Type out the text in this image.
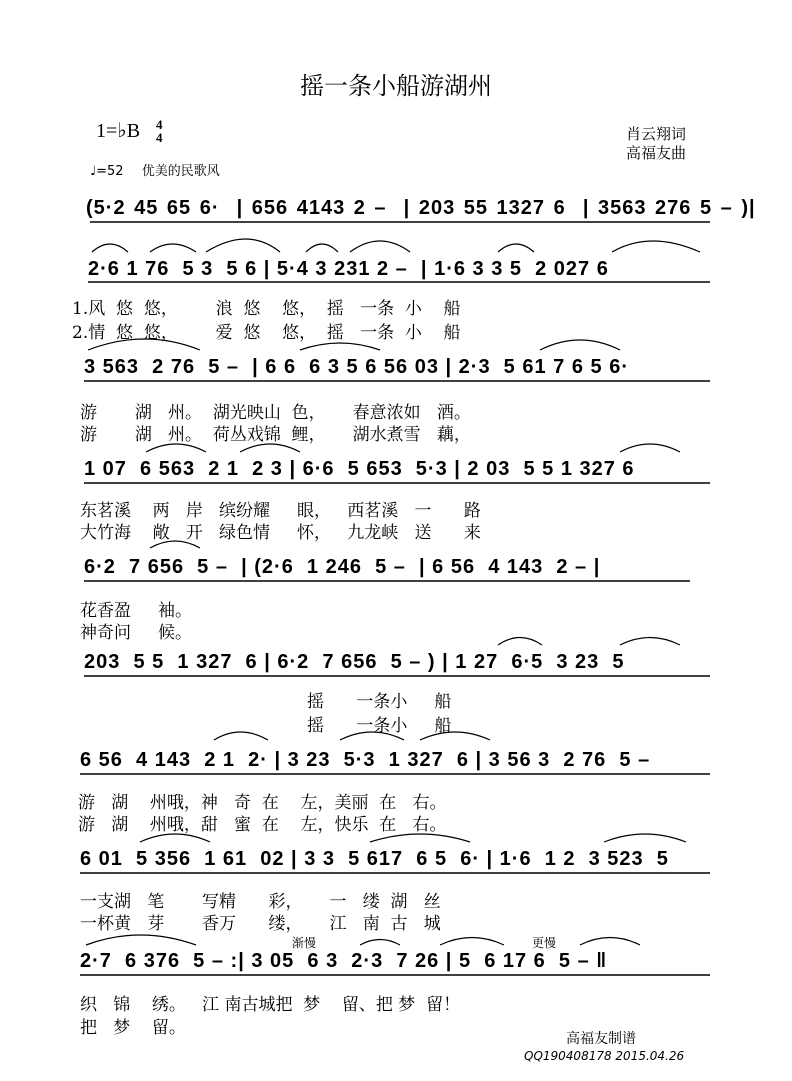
摇一条小船游湖州
1=♭B 4
4	肖云翔词
高福友曲
♩=52 优美的民歌风
(5·2 45 65 6·  | 656 4143 2 –  | 203 55 1327 6  | 3563 276 5 – )|
2·6 1 76  5 3  5 6 | 5·4 3 231 2 –  | 1·6 3 3 5  2 027 6
1.风  悠  悠，       浪  悠    悠，  摇   一条  小    船
2.情  悠  悠，       爱  悠    悠，  摇   一条  小    船
3 563  2 76  5 –  | 6 6  6 3 5 6 56 03 | 2·3  5 61 7 6 5 6·
游       湖   州。  湖光映山  色，     春意浓如   酒。
游       湖   州。  荷丛戏锦  鲤，     湖水煮雪   藕，
1 07  6 563  2 1  2 3 | 6·6  5 653  5·3 | 2 03  5 5 1 327 6
东茗溪    两   岸   缤纷耀     眼，   西茗溪   一      路
大竹海    敞   开   绿色情     怀，   九龙峡   送      来
6·2  7 656  5 –  | (2·6  1 246  5 –  | 6 56  4 143  2 – |
花香盈     袖。
神奇问     候。
203  5 5  1 327  6 | 6·2  7 656  5 – ) | 1 27  6·5  3 23  5
摇      一条小     船
摇      一条小     船
6 56  4 143  2 1  2· | 3 23  5·3  1 327  6 | 3 56 3  2 76  5 –
游   湖    州哦，神   奇  在    左，美丽  在   右。
游   湖    州哦，甜   蜜  在    左，快乐  在   右。
6 01  5 356  1 61  02 | 3 3  5 617  6 5  6· | 1·6  1 2  3 523  5
一支湖   笔       写精      彩，     一   缕  湖   丝
一杯黄   芽       香万      缕，     江   南  古   城
渐慢	更慢
2·7  6 376  5 – :| 3 05  6 3  2·3  7 26 | 5  6 17 6  5 – ‖
织   锦    绣。   江 南古城把  梦    留、把 梦  留！
把   梦    留。
高福友制谱
QQ190408178 2015.04.26
